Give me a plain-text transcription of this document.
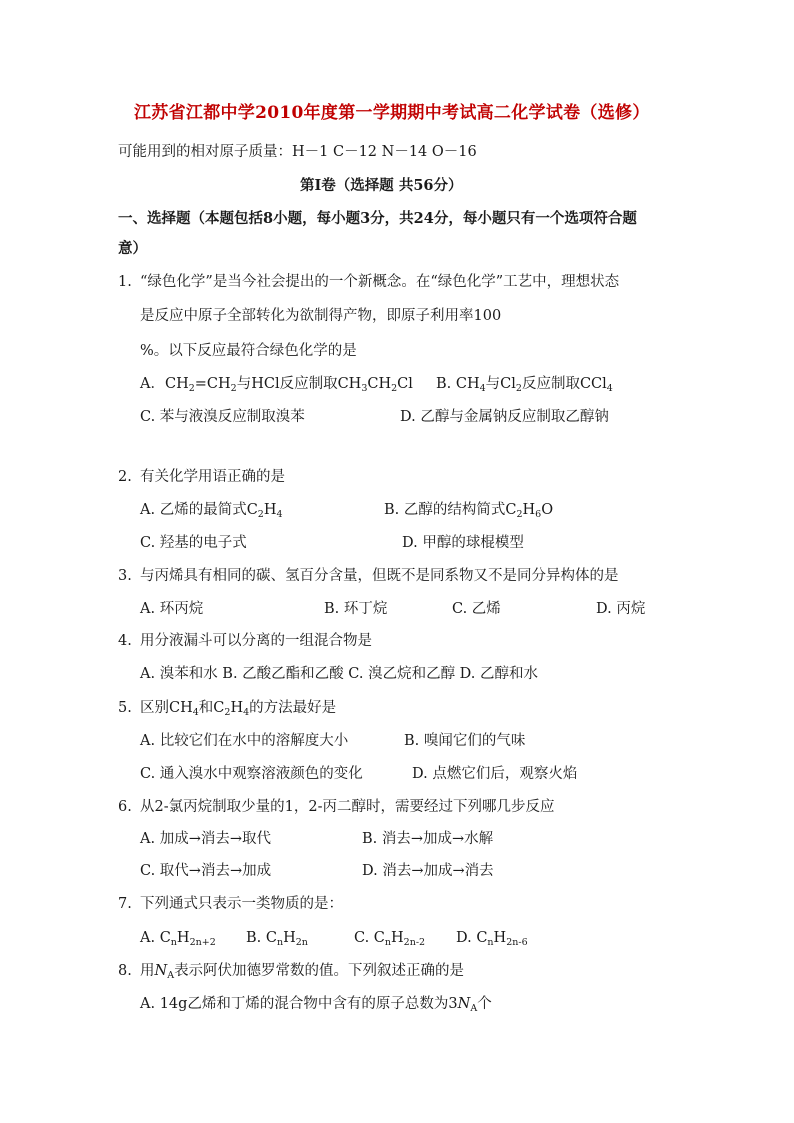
江苏省江都中学2010年度第一学期期中考试高二化学试卷（选修）
可能用到的相对原子质量：H－1 C－12 N－14 O－16
第Ⅰ卷（选择题 共56分）
一、选择题（本题包括8小题，每小题3分，共24分，每小题只有一个选项符合题
意）
1. “绿色化学”是当今社会提出的一个新概念。在“绿色化学”工艺中，理想状态
是反应中原子全部转化为欲制得产物，即原子利用率100
%。以下反应最符合绿色化学的是
A．$CH_2=CH_2$与HCl反应制取$CH_3CH_2Cl$ B. $CH_4$与$Cl_2$反应制取CCl$_4$
C. 苯与液溴反应制取溴苯	D. 乙醇与金属钠反应制取乙醇钠
2. 有关化学用语正确的是
A. 乙烯的最简式$C_2H_4$	B. 乙醇的结构简式$C_2H_6O$
C. 羟基的电子式	D. 甲醇的球棍模型
3. 与丙烯具有相同的碳、氢百分含量，但既不是同系物又不是同分异构体的是
A. 环丙烷	B. 环丁烷	C. 乙烯	D. 丙烷
4. 用分液漏斗可以分离的一组混合物是
A. 溴苯和水 B. 乙酸乙酯和乙酸 C. 溴乙烷和乙醇 D. 乙醇和水
5. 区别$CH_4$和$C_2H_4$的方法最好是
A. 比较它们在水中的溶解度大小	B. 嗅闻它们的气味
C. 通入溴水中观察溶液颜色的变化	D. 点燃它们后，观察火焰
6. 从2-氯丙烷制取少量的1，2-丙二醇时，需要经过下列哪几步反应
A. 加成→消去→取代	B. 消去→加成→水解
C. 取代→消去→加成	D. 消去→加成→消去
7. 下列通式只表示一类物质的是：
A. $C_nH_{2n+2}$ B. $C_nH_{2n}$	C. $C_nH_{2n-2}$ D. $C_nH_{2n-6}$
8. 用$N_A$表示阿伏加德罗常数的值。下列叙述正确的是
A. 14g乙烯和丁烯的混合物中含有的原子总数为$3N_A$个
